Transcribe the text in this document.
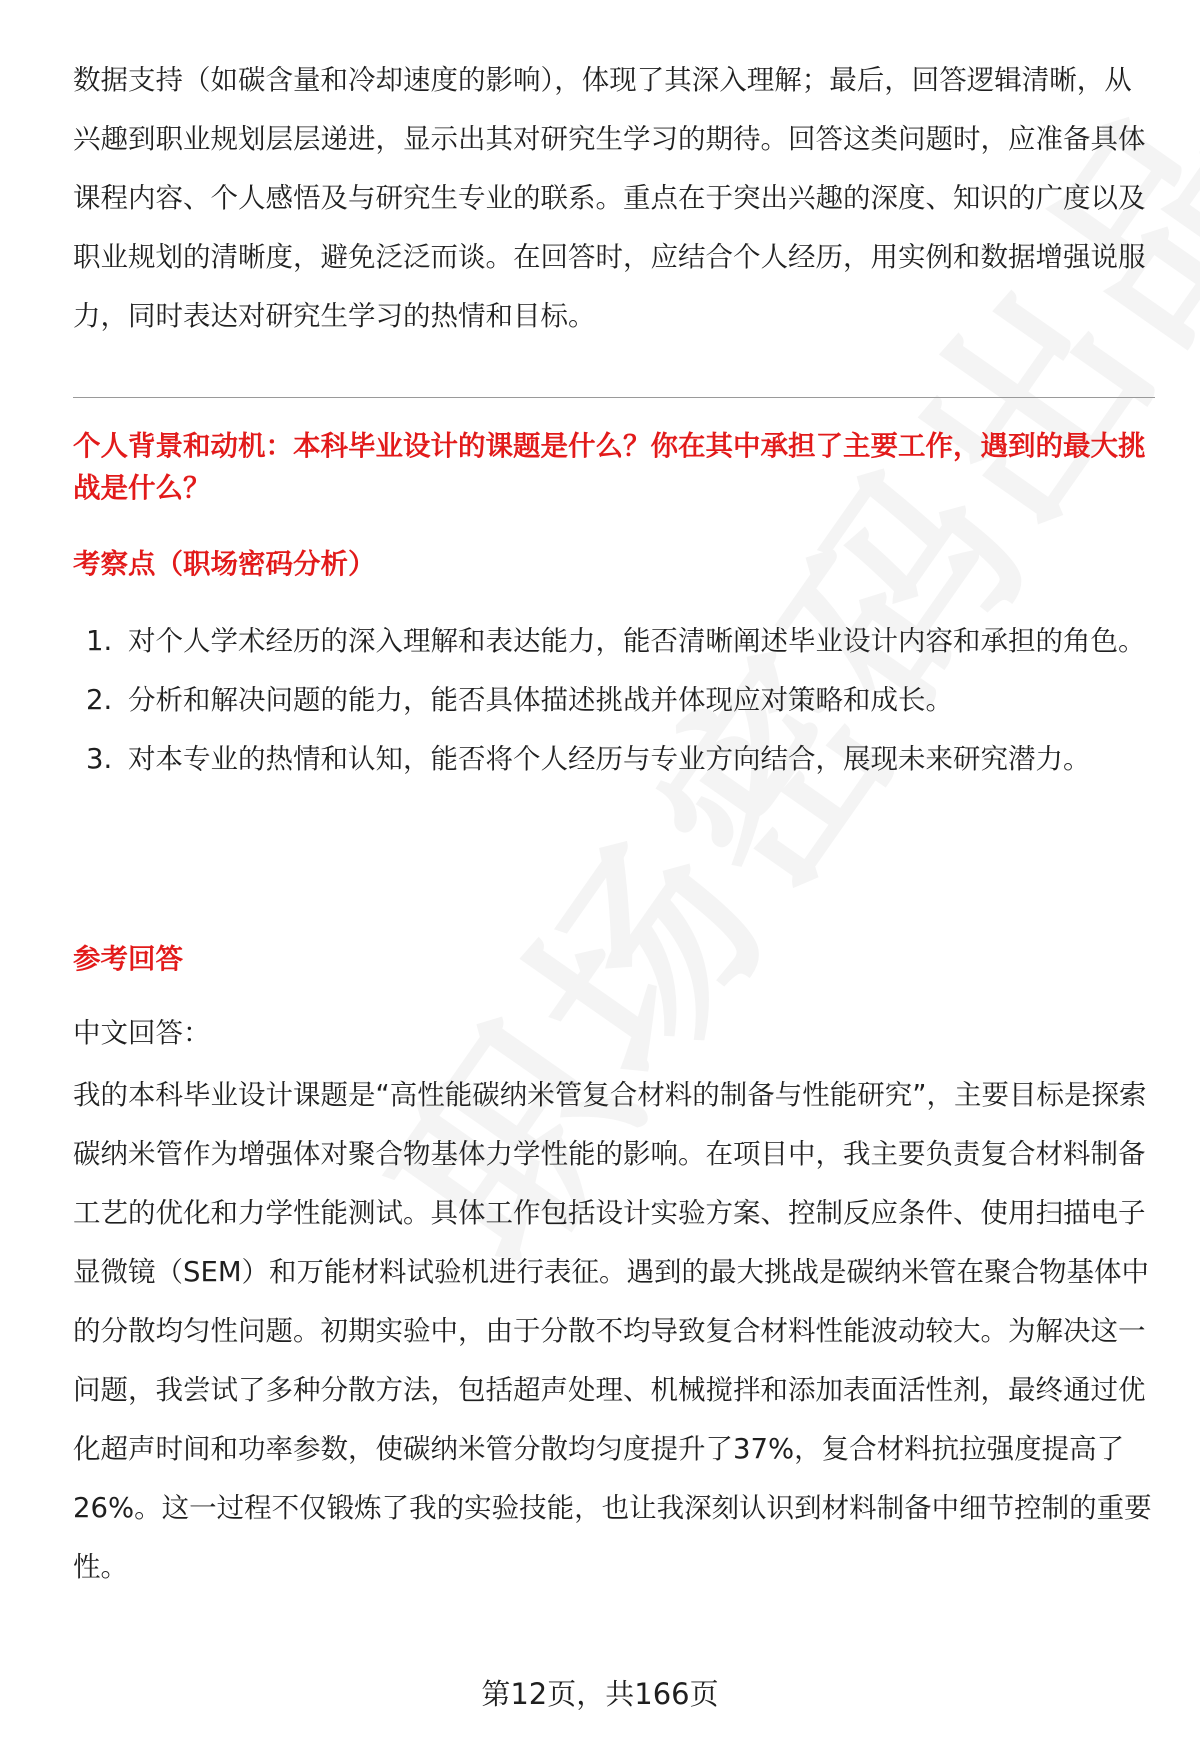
数据支持（如碳含量和冷却速度的影响），体现了其深入理解；最后，回答逻辑清晰，从兴趣到职业规划层层递进，显示出其对研究生学习的期待。回答这类问题时，应准备具体课程内容、个人感悟及与研究生专业的联系。重点在于突出兴趣的深度、知识的广度以及职业规划的清晰度，避免泛泛而谈。在回答时，应结合个人经历，用实例和数据增强说服力，同时表达对研究生学习的热情和目标。

个人背景和动机：本科毕业设计的课题是什么？你在其中承担了主要工作，遇到的最大挑战是什么？

考察点（职场密码分析）

1. 对个人学术经历的深入理解和表达能力，能否清晰阐述毕业设计内容和承担的角色。
2. 分析和解决问题的能力，能否具体描述挑战并体现应对策略和成长。
3. 对本专业的热情和认知，能否将个人经历与专业方向结合，展现未来研究潜力。

参考回答

中文回答：

我的本科毕业设计课题是“高性能碳纳米管复合材料的制备与性能研究”，主要目标是探索碳纳米管作为增强体对聚合物基体力学性能的影响。在项目中，我主要负责复合材料制备工艺的优化和力学性能测试。具体工作包括设计实验方案、控制反应条件、使用扫描电子显微镜（SEM）和万能材料试验机进行表征。遇到的最大挑战是碳纳米管在聚合物基体中的分散均匀性问题。初期实验中，由于分散不均导致复合材料性能波动较大。为解决这一问题，我尝试了多种分散方法，包括超声处理、机械搅拌和添加表面活性剂，最终通过优化超声时间和功率参数，使碳纳米管分散均匀度提升了37%，复合材料抗拉强度提高了26%。这一过程不仅锻炼了我的实验技能，也让我深刻认识到材料制备中细节控制的重要性。

第12页，共166页
